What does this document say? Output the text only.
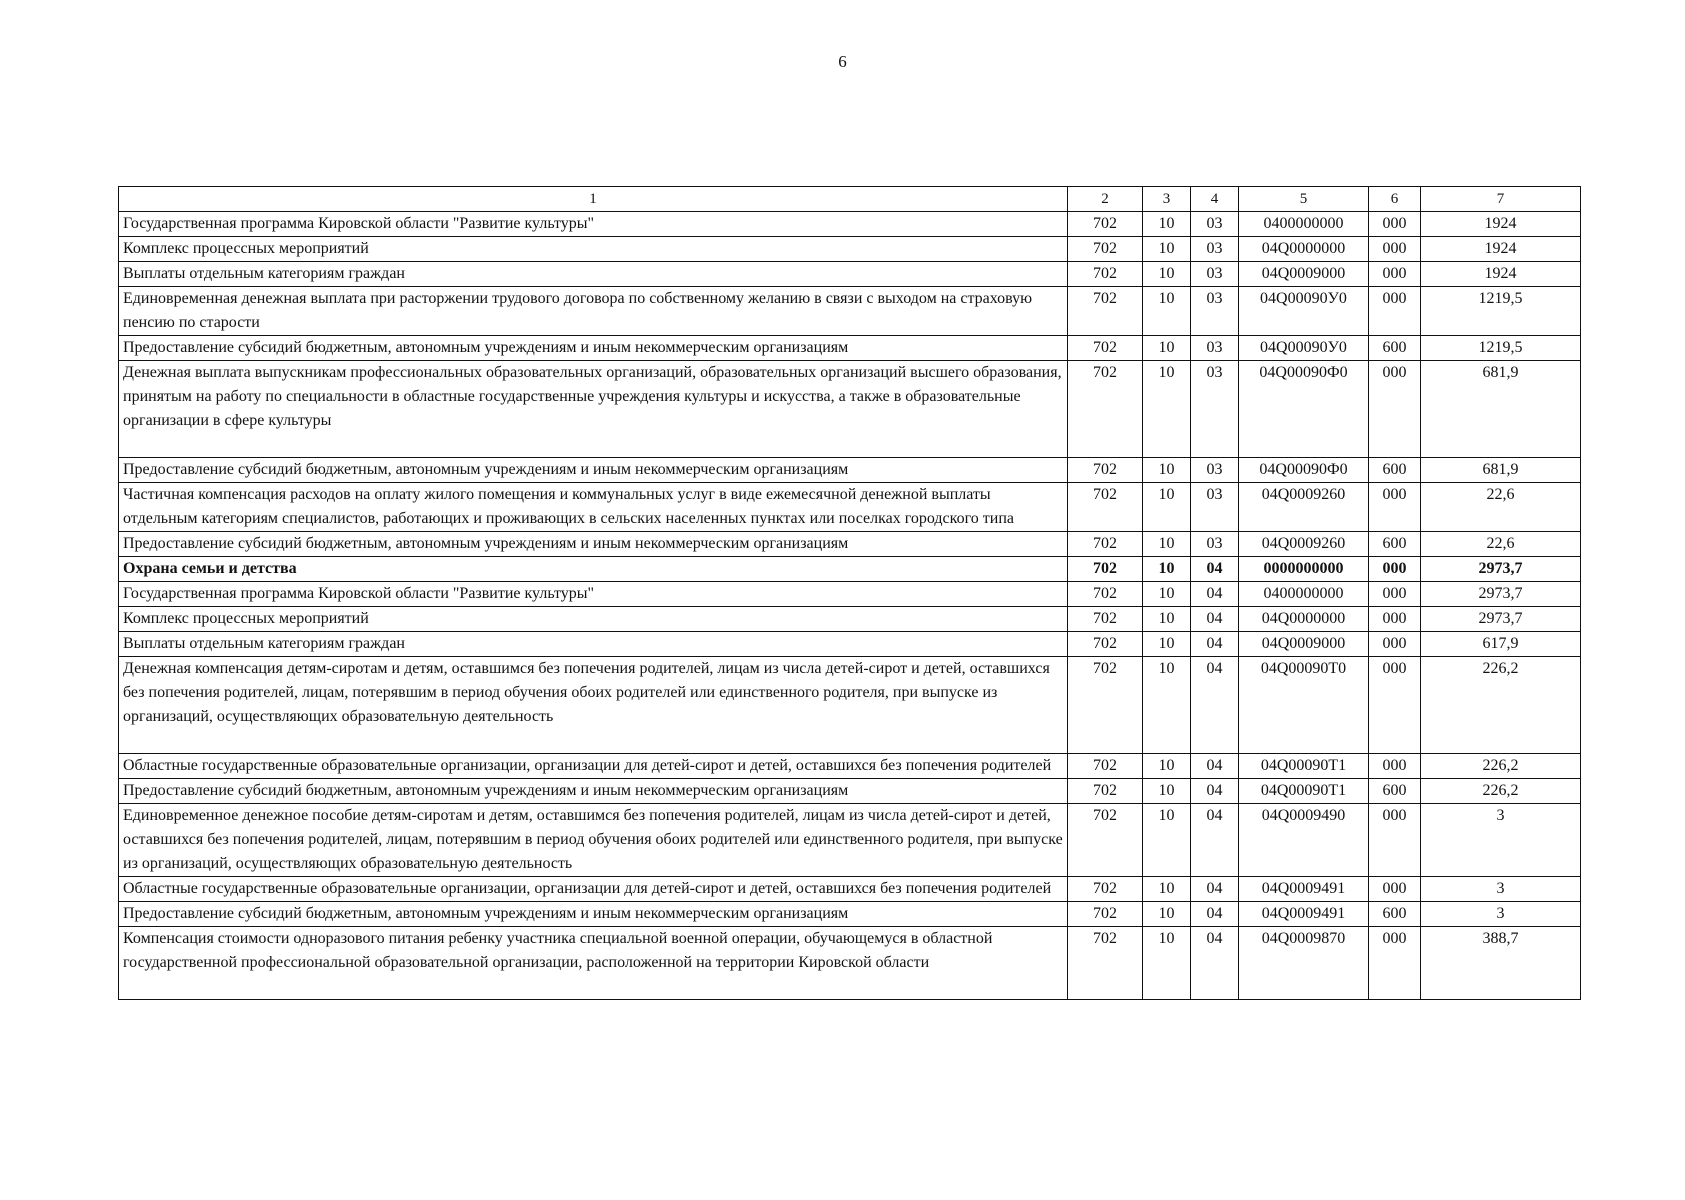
6
1	2	3	4	5	6	7
Государственная программа Кировской области "Развитие культуры"	702	10	03	0400000000	000	1924
Комплекс процессных мероприятий	702	10	03	04Q0000000	000	1924
Выплаты отдельным категориям граждан	702	10	03	04Q0009000	000	1924
Единовременная денежная выплата при расторжении трудового договора по собственному желанию в связи с выходом на страховую пенсию по старости	702	10	03	04Q00090У0	000	1219,5
Предоставление субсидий бюджетным, автономным учреждениям и иным некоммерческим организациям	702	10	03	04Q00090У0	600	1219,5
Денежная выплата выпускникам профессиональных образовательных организаций, образовательных организаций высшего образования, принятым на работу по специальности в областные государственные учреждения культуры и искусства, а также в образовательные организации в сфере культуры	702	10	03	04Q00090Ф0	000	681,9
Предоставление субсидий бюджетным, автономным учреждениям и иным некоммерческим организациям	702	10	03	04Q00090Ф0	600	681,9
Частичная компенсация расходов на оплату жилого помещения и коммунальных услуг в виде ежемесячной денежной выплаты отдельным категориям специалистов, работающих и проживающих в сельских населенных пунктах или поселках городского типа	702	10	03	04Q0009260	000	22,6
Предоставление субсидий бюджетным, автономным учреждениям и иным некоммерческим организациям	702	10	03	04Q0009260	600	22,6
Охрана семьи и детства	702	10	04	0000000000	000	2973,7
Государственная программа Кировской области "Развитие культуры"	702	10	04	0400000000	000	2973,7
Комплекс процессных мероприятий	702	10	04	04Q0000000	000	2973,7
Выплаты отдельным категориям граждан	702	10	04	04Q0009000	000	617,9
Денежная компенсация детям-сиротам и детям, оставшимся без попечения родителей, лицам из числа детей-сирот и детей, оставшихся без попечения родителей, лицам, потерявшим в период обучения обоих родителей или единственного родителя, при выпуске из организаций, осуществляющих образовательную деятельность	702	10	04	04Q00090Т0	000	226,2
Областные государственные образовательные организации, организации для детей-сирот и детей, оставшихся без попечения родителей	702	10	04	04Q00090Т1	000	226,2
Предоставление субсидий бюджетным, автономным учреждениям и иным некоммерческим организациям	702	10	04	04Q00090Т1	600	226,2
Единовременное денежное пособие детям-сиротам и детям, оставшимся без попечения родителей, лицам из числа детей-сирот и детей, оставшихся без попечения родителей, лицам, потерявшим в период обучения обоих родителей или единственного родителя, при выпуске из организаций, осуществляющих образовательную деятельность	702	10	04	04Q0009490	000	3
Областные государственные образовательные организации, организации для детей-сирот и детей, оставшихся без попечения родителей	702	10	04	04Q0009491	000	3
Предоставление субсидий бюджетным, автономным учреждениям и иным некоммерческим организациям	702	10	04	04Q0009491	600	3
Компенсация стоимости одноразового питания ребенку участника специальной военной операции, обучающемуся в областной государственной профессиональной образовательной организации, расположенной на территории Кировской области	702	10	04	04Q0009870	000	388,7
